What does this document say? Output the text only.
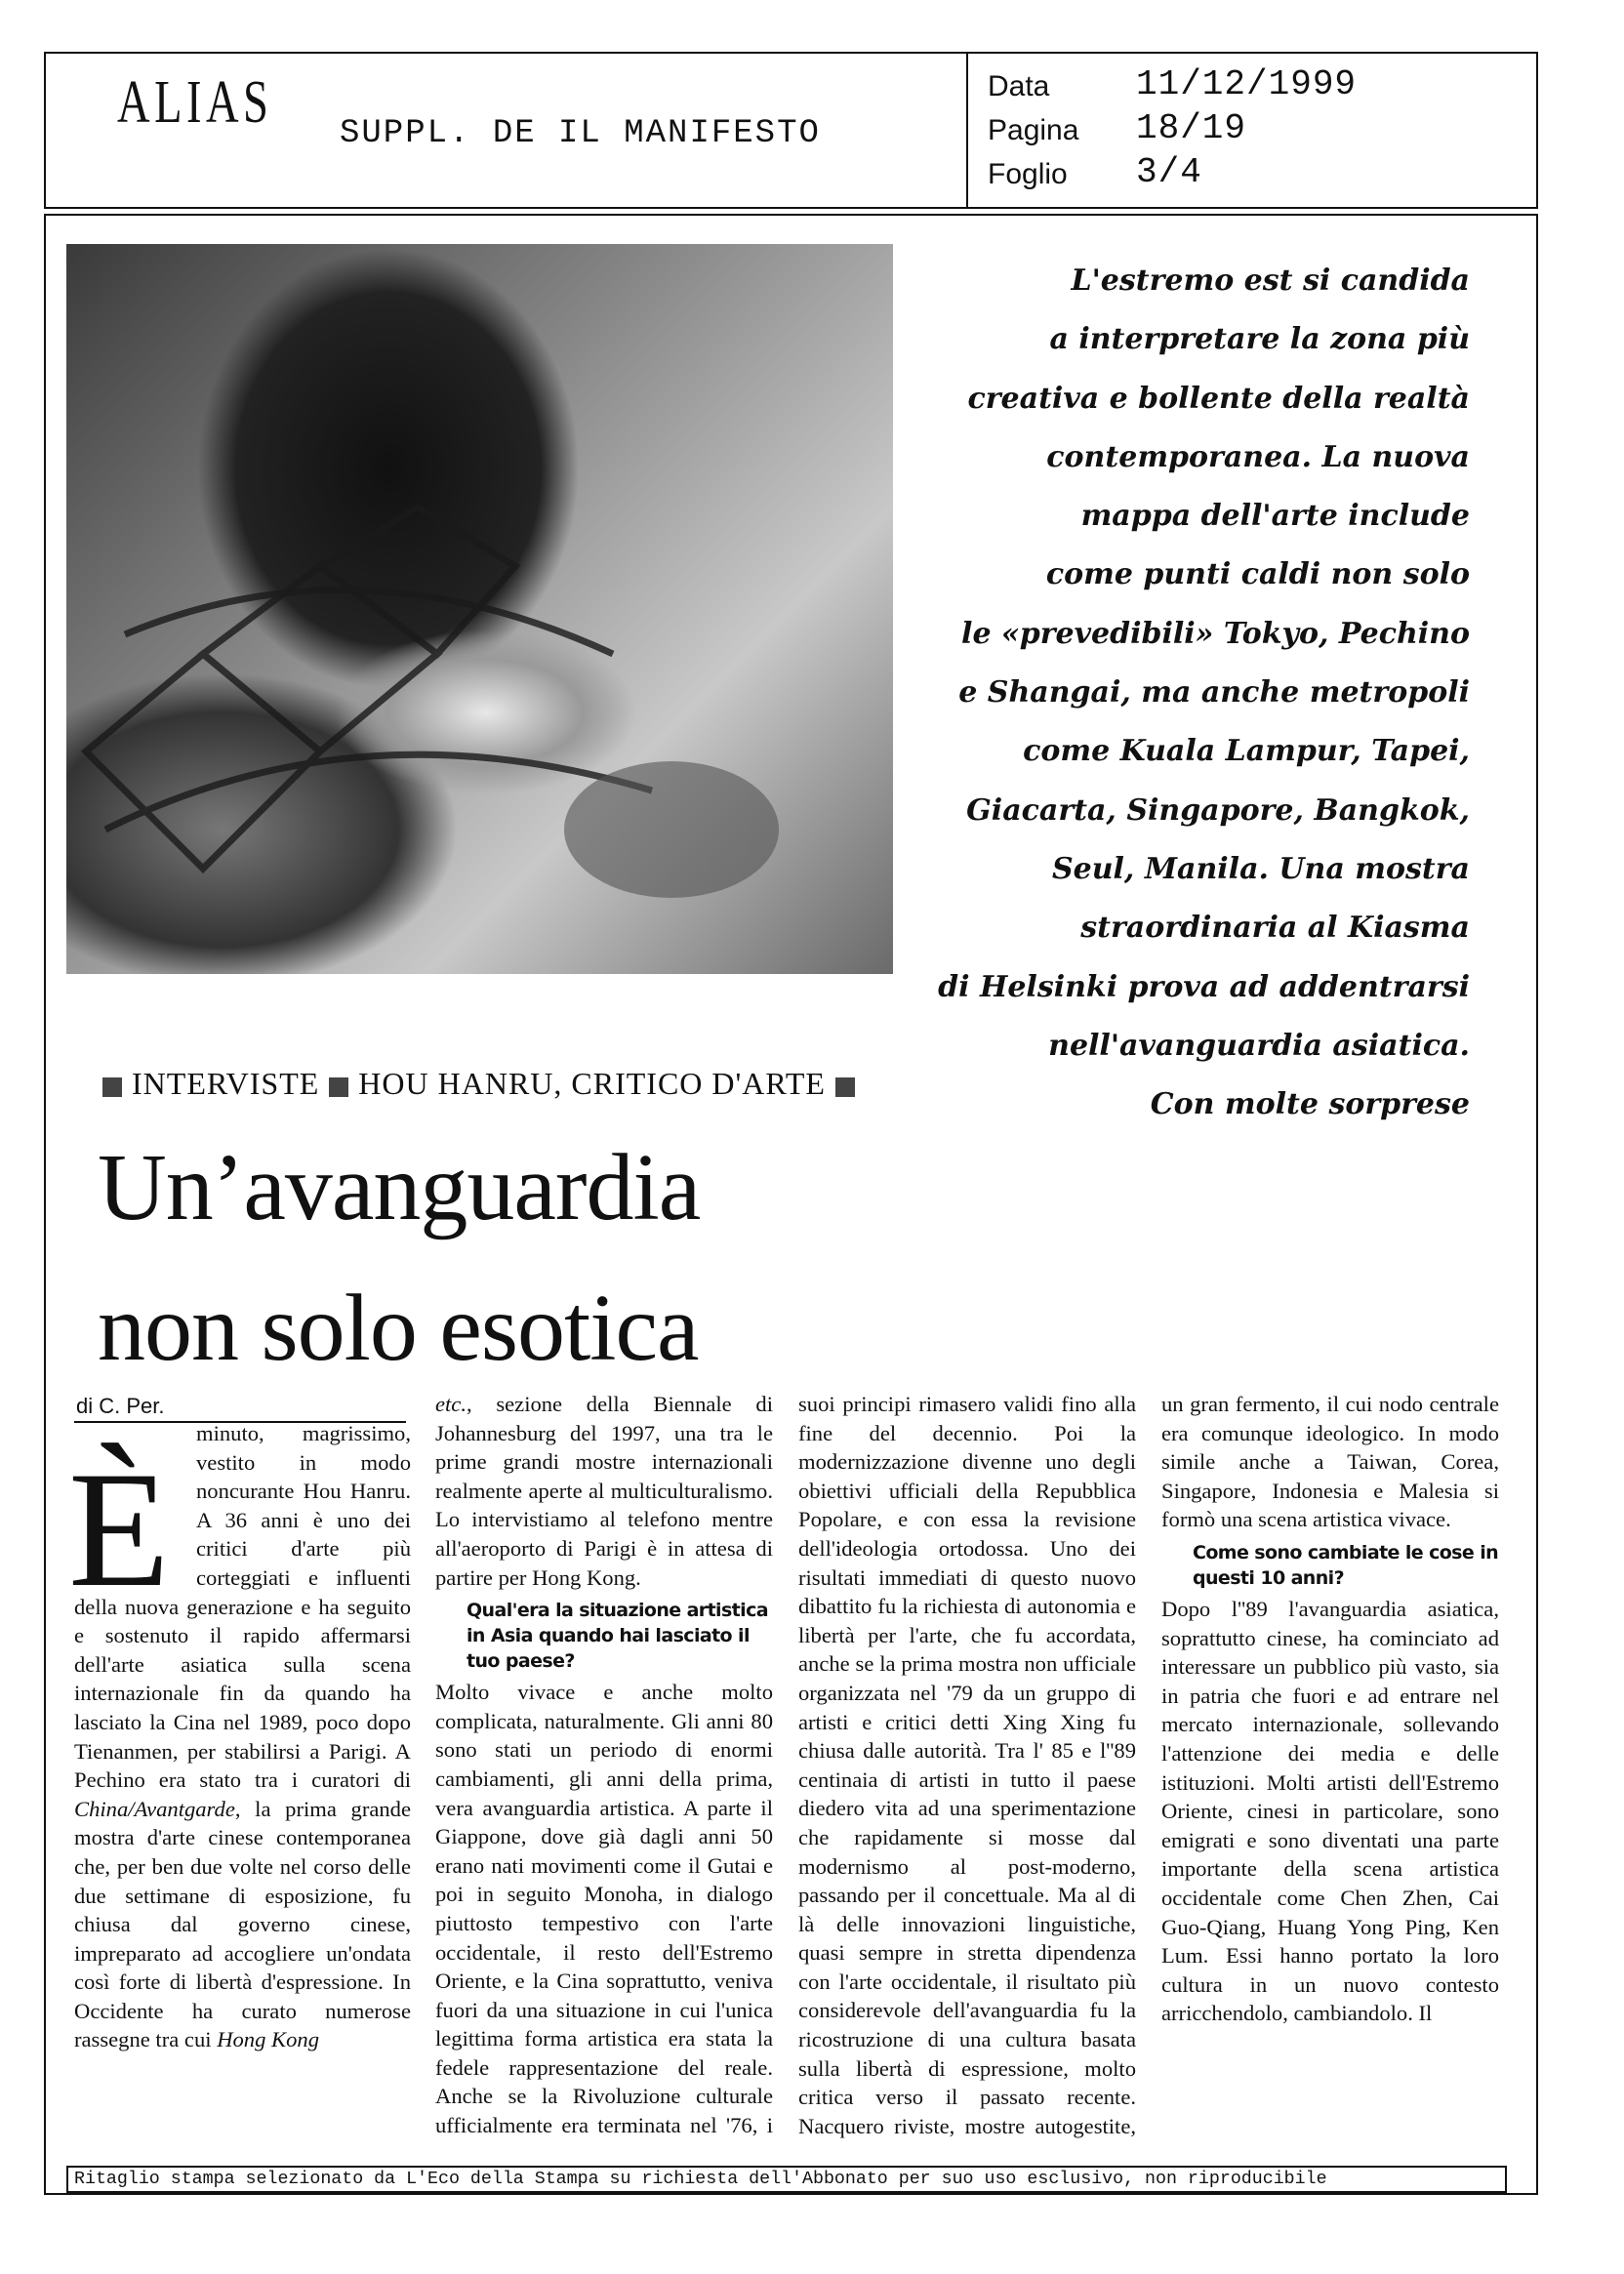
ALIAS SUPPL. DE IL MANIFESTO
Data 11/12/1999
Pagina 18/19
Foglio 3/4
L'estremo est si candida
a interpretare la zona più
creativa e bollente della realtà
contemporanea. La nuova
mappa dell'arte include
come punti caldi non solo
le «prevedibili» Tokyo, Pechino
e Shangai, ma anche metropoli
come Kuala Lampur, Tapei,
Giacarta, Singapore, Bangkok,
Seul, Manila. Una mostra
straordinaria al Kiasma
di Helsinki prova ad addentrarsi
nell'avanguardia asiatica.
Con molte sorprese
INTERVISTE HOU HANRU, CRITICO D'ARTE
Un’avanguardia
non solo esotica
di C. Per.
È

minuto, magrissimo, vestito in modo noncurante Hou Hanru. A 36 anni è uno dei critici d'arte più corteggiati e influenti della nuova generazione e ha seguito e sostenuto il rapido affermarsi dell'arte asiatica sulla scena internazionale fin da quando ha lasciato la Cina nel 1989, poco dopo Tienanmen, per stabilirsi a Parigi. A Pechino era stato tra i curatori di China/Avantgarde, la prima grande mostra d'arte cinese contemporanea che, per ben due volte nel corso delle due settimane di esposizione, fu chiusa dal governo cinese, impreparato ad accogliere un'ondata così forte di libertà d'espressione. In Occidente ha curato numerose rassegne tra cui Hong Kong

etc., sezione della Biennale di Johannesburg del 1997, una tra le prime grandi mostre internazionali realmente aperte al multiculturalismo. Lo intervistiamo al telefono mentre all'aeroporto di Parigi è in attesa di partire per Hong Kong.

Qual'era la situazione artistica in Asia quando hai lasciato il tuo paese?

Molto vivace e anche molto complicata, naturalmente. Gli anni 80 sono stati un periodo di enormi cambiamenti, gli anni della prima, vera avanguardia artistica. A parte il Giappone, dove già dagli anni 50 erano nati movimenti come il Gutai e poi in seguito Monoha, in dialogo piuttosto tempestivo con l'arte occidentale, il resto dell'Estremo Oriente, e la Cina soprattutto, veniva fuori da una situazione in cui l'unica legittima forma artistica era stata la fedele rappresentazione del reale. Anche se la Rivoluzione culturale ufficialmente era terminata nel '76, i suoi principi rimasero validi fino alla fine del decennio. Poi la modernizzazione divenne uno degli obiettivi ufficiali della Repubblica Popolare, e con essa la revisione dell'ideologia ortodossa. Uno dei risultati immediati di questo nuovo dibattito fu la richiesta di autonomia e libertà per l'arte, che fu accordata, anche se la prima mostra non ufficiale organizzata nel '79 da un gruppo di artisti e critici detti Xing Xing fu chiusa dalle autorità. Tra l' 85 e l''89 centinaia di artisti in tutto il paese diedero vita ad una sperimentazione che rapidamente si mosse dal modernismo al post-moderno, passando per il concettuale. Ma al di là delle innovazioni linguistiche, quasi sempre in stretta dipendenza con l'arte occidentale, il risultato più considerevole dell'avanguardia fu la ricostruzione di una cultura basata sulla libertà di espressione, molto critica verso il passato recente. Nacquero riviste, mostre autogestite, un gran fermento, il cui nodo centrale era comunque ideologico. In modo simile anche a Taiwan, Corea, Singapore, Indonesia e Malesia si formò una scena artistica vivace.

Come sono cambiate le cose in questi 10 anni?

Dopo l''89 l'avanguardia asiatica, soprattutto cinese, ha cominciato ad interessare un pubblico più vasto, sia in patria che fuori e ad entrare nel mercato internazionale, sollevando l'attenzione dei media e delle istituzioni. Molti artisti dell'Estremo Oriente, cinesi in particolare, sono emigrati e sono diventati una parte importante della scena artistica occidentale come Chen Zhen, Cai Guo-Qiang, Huang Yong Ping, Ken Lum. Essi hanno portato la loro cultura in un nuovo contesto arricchendolo, cambiandolo. Il

Ritaglio stampa selezionato da L'Eco della Stampa su richiesta dell'Abbonato per suo uso esclusivo, non riproducibile
